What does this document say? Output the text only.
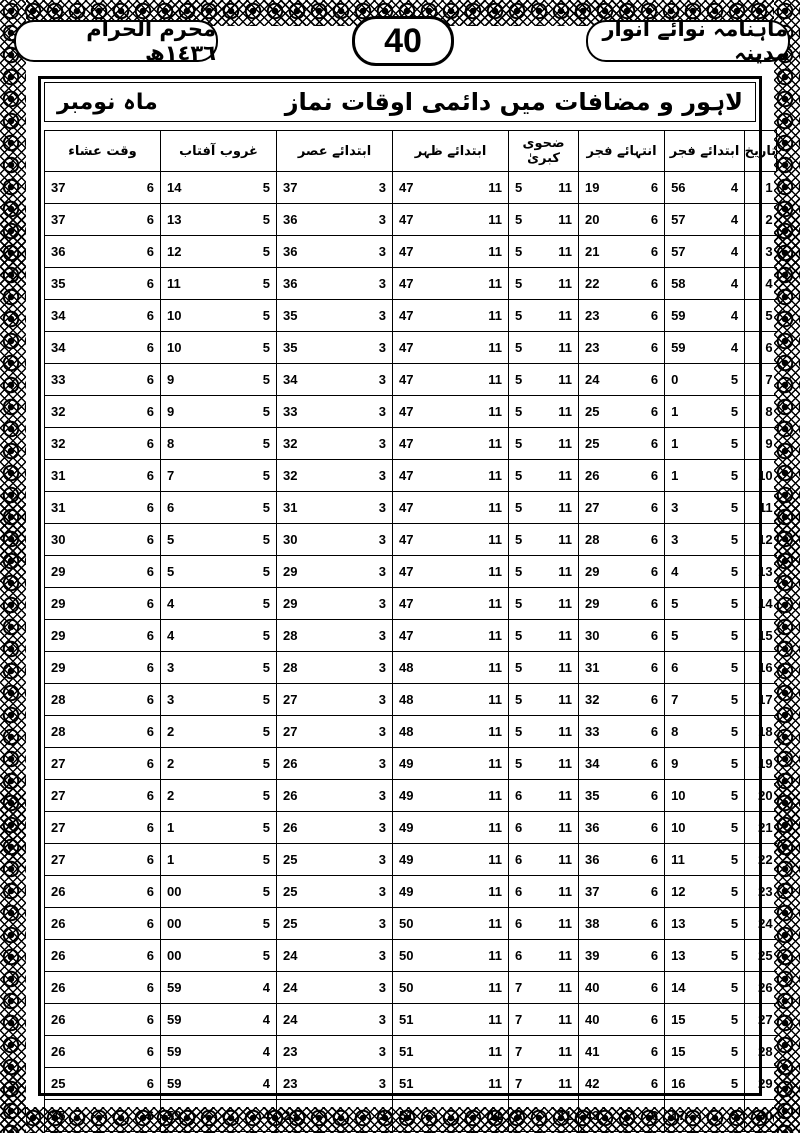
محرم الحرام ١٤٣٦ھ	40	ماہنامہ نوائے انوار مدینہ
لاہور و مضافات میں دائمی اوقات نماز
ماہ نومبر
وقت عشاء		غروب آفتاب		ابتدائے عصر		ابتدائے ظہر		ضحوی کبریٰ		انتہائے فجر		ابتدائے فجر		تاریخ
37	6	14	5	37	3	47	11	5	11	19	6	56	4	1
37	6	13	5	36	3	47	11	5	11	20	6	57	4	2
36	6	12	5	36	3	47	11	5	11	21	6	57	4	3
35	6	11	5	36	3	47	11	5	11	22	6	58	4	4
34	6	10	5	35	3	47	11	5	11	23	6	59	4	5
34	6	10	5	35	3	47	11	5	11	23	6	59	4	6
33	6	9	5	34	3	47	11	5	11	24	6	0	5	7
32	6	9	5	33	3	47	11	5	11	25	6	1	5	8
32	6	8	5	32	3	47	11	5	11	25	6	1	5	9
31	6	7	5	32	3	47	11	5	11	26	6	1	5	10
31	6	6	5	31	3	47	11	5	11	27	6	3	5	11
30	6	5	5	30	3	47	11	5	11	28	6	3	5	12
29	6	5	5	29	3	47	11	5	11	29	6	4	5	13
29	6	4	5	29	3	47	11	5	11	29	6	5	5	14
29	6	4	5	28	3	47	11	5	11	30	6	5	5	15
29	6	3	5	28	3	48	11	5	11	31	6	6	5	16
28	6	3	5	27	3	48	11	5	11	32	6	7	5	17
28	6	2	5	27	3	48	11	5	11	33	6	8	5	18
27	6	2	5	26	3	49	11	5	11	34	6	9	5	19
27	6	2	5	26	3	49	11	6	11	35	6	10	5	20
27	6	1	5	26	3	49	11	6	11	36	6	10	5	21
27	6	1	5	25	3	49	11	6	11	36	6	11	5	22
26	6	00	5	25	3	49	11	6	11	37	6	12	5	23
26	6	00	5	25	3	50	11	6	11	38	6	13	5	24
26	6	00	5	24	3	50	11	6	11	39	6	13	5	25
26	6	59	4	24	3	50	11	7	11	40	6	14	5	26
26	6	59	4	24	3	51	11	7	11	40	6	15	5	27
26	6	59	4	23	3	51	11	7	11	41	6	15	5	28
25	6	59	4	23	3	51	11	7	11	42	6	16	5	29
25	6	59	4	23	3	51	11	8	11	43	6	17	5	30
